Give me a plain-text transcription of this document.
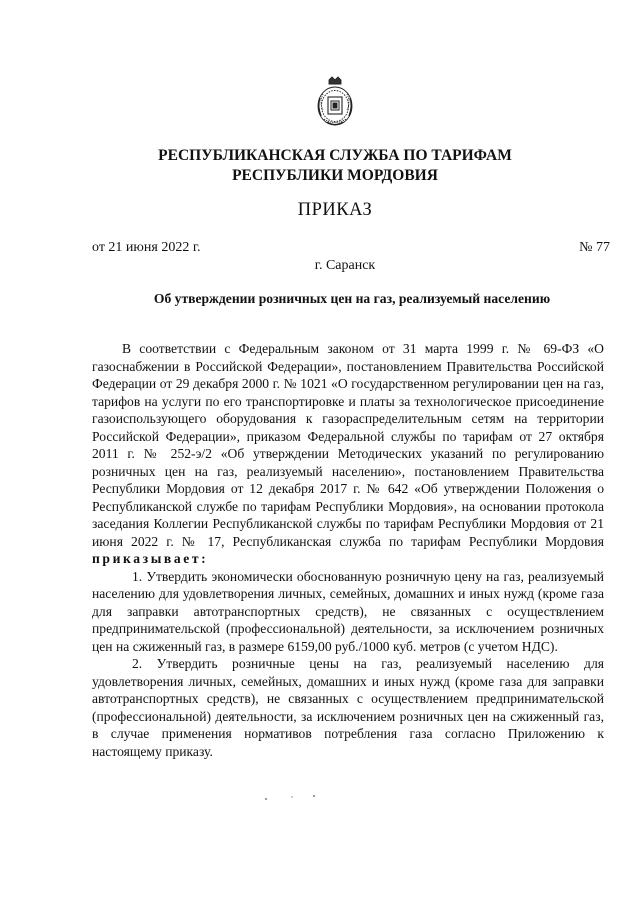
РЕСПУБЛИКАНСКАЯ СЛУЖБА ПО ТАРИФАМ
РЕСПУБЛИКИ МОРДОВИЯ
ПРИКАЗ
от 21 июня 2022 г.	№ 77
г. Саранск
Об утверждении розничных цен на газ, реализуемый населению

В соответствии с Федеральным законом от 31 марта 1999 г. № 69-ФЗ «О газоснабжении в Российской Федерации», постановлением Правительства Российской Федерации от 29 декабря 2000 г. № 1021 «О государственном регулировании цен на газ, тарифов на услуги по его транспортировке и платы за технологическое присоединение газоиспользующего оборудования к газораспределительным сетям на территории Российской Федерации», приказом Федеральной службы по тарифам от 27 октября 2011 г. № 252-э/2 «Об утверждении Методических указаний по регулированию розничных цен на газ, реализуемый населению», постановлением Правительства Республики Мордовия от 12 декабря 2017 г. № 642 «Об утверждении Положения о Республиканской службе по тарифам Республики Мордовия», на основании протокола заседания Коллегии Республиканской службы по тарифам Республики Мордовия от 21 июня 2022 г. № 17, Республиканская служба по тарифам Республики Мордовия приказывает:

1. Утвердить экономически обоснованную розничную цену на газ, реализуемый населению для удовлетворения личных, семейных, домашних и иных нужд (кроме газа для заправки автотранспортных средств), не связанных с осуществлением предпринимательской (профессиональной) деятельности, за исключением розничных цен на сжиженный газ, в размере 6159,00 руб./1000 куб. метров (с учетом НДС).

2. Утвердить розничные цены на газ, реализуемый населению для удовлетворения личных, семейных, домашних и иных нужд (кроме газа для заправки автотранспортных средств), не связанных с осуществлением предпринимательской (профессиональной) деятельности, за исключением розничных цен на сжиженный газ, в случае применения нормативов потребления газа согласно Приложению к настоящему приказу.
